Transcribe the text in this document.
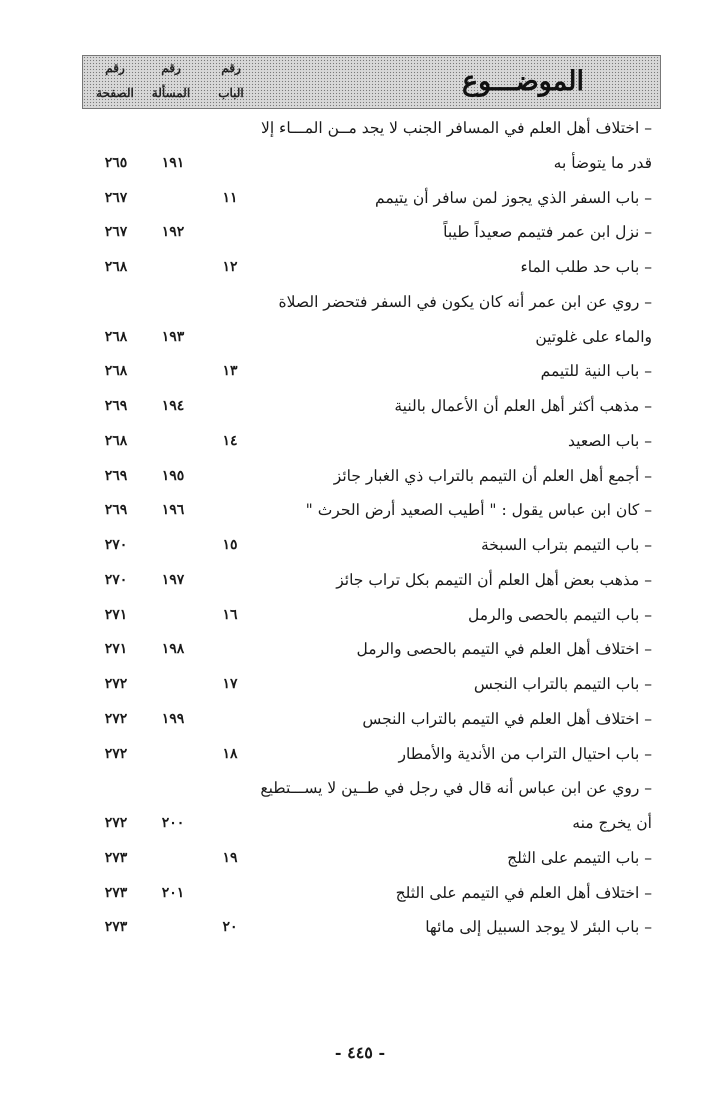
الموضـــوع
رقم
الباب
رقم
المسألة
رقم
الصفحة
– اختلاف أهل العلم في المسافر الجنب لا يجد مــن المـــاء إلا
قدر ما يتوضأ به
١٩١
٢٦٥
– باب السفر الذي يجوز لمن سافر أن يتيمم
١١
٢٦٧
– نزل ابن عمر فتيمم صعيداً طيباً
١٩٢
٢٦٧
– باب حد طلب الماء
١٢
٢٦٨
– روي عن ابن عمر أنه كان يكون في السفر فتحضر الصلاة
والماء على غلوتين
١٩٣
٢٦٨
– باب النية للتيمم
١٣
٢٦٨
– مذهب أكثر أهل العلم أن الأعمال بالنية
١٩٤
٢٦٩
– باب الصعيد
١٤
٢٦٨
– أجمع أهل العلم أن التيمم بالتراب ذي الغبار جائز
١٩٥
٢٦٩
– كان ابن عباس يقول : " أطيب الصعيد أرض الحرث "
١٩٦
٢٦٩
– باب التيمم بتراب السبخة
١٥
٢٧٠
– مذهب بعض أهل العلم أن التيمم بكل تراب جائز
١٩٧
٢٧٠
– باب التيمم بالحصى والرمل
١٦
٢٧١
– اختلاف أهل العلم في التيمم بالحصى والرمل
١٩٨
٢٧١
– باب التيمم بالتراب النجس
١٧
٢٧٢
– اختلاف أهل العلم في التيمم بالتراب النجس
١٩٩
٢٧٢
– باب احتيال التراب من الأندية والأمطار
١٨
٢٧٢
– روي عن ابن عباس أنه قال في رجل في طــين لا يســـتطيع
أن يخرج منه
٢٠٠
٢٧٢
– باب التيمم على الثلج
١٩
٢٧٣
– اختلاف أهل العلم في التيمم على الثلج
٢٠١
٢٧٣
– باب البئر لا يوجد السبيل إلى مائها
٢٠
٢٧٣
- ٤٤٥ -
